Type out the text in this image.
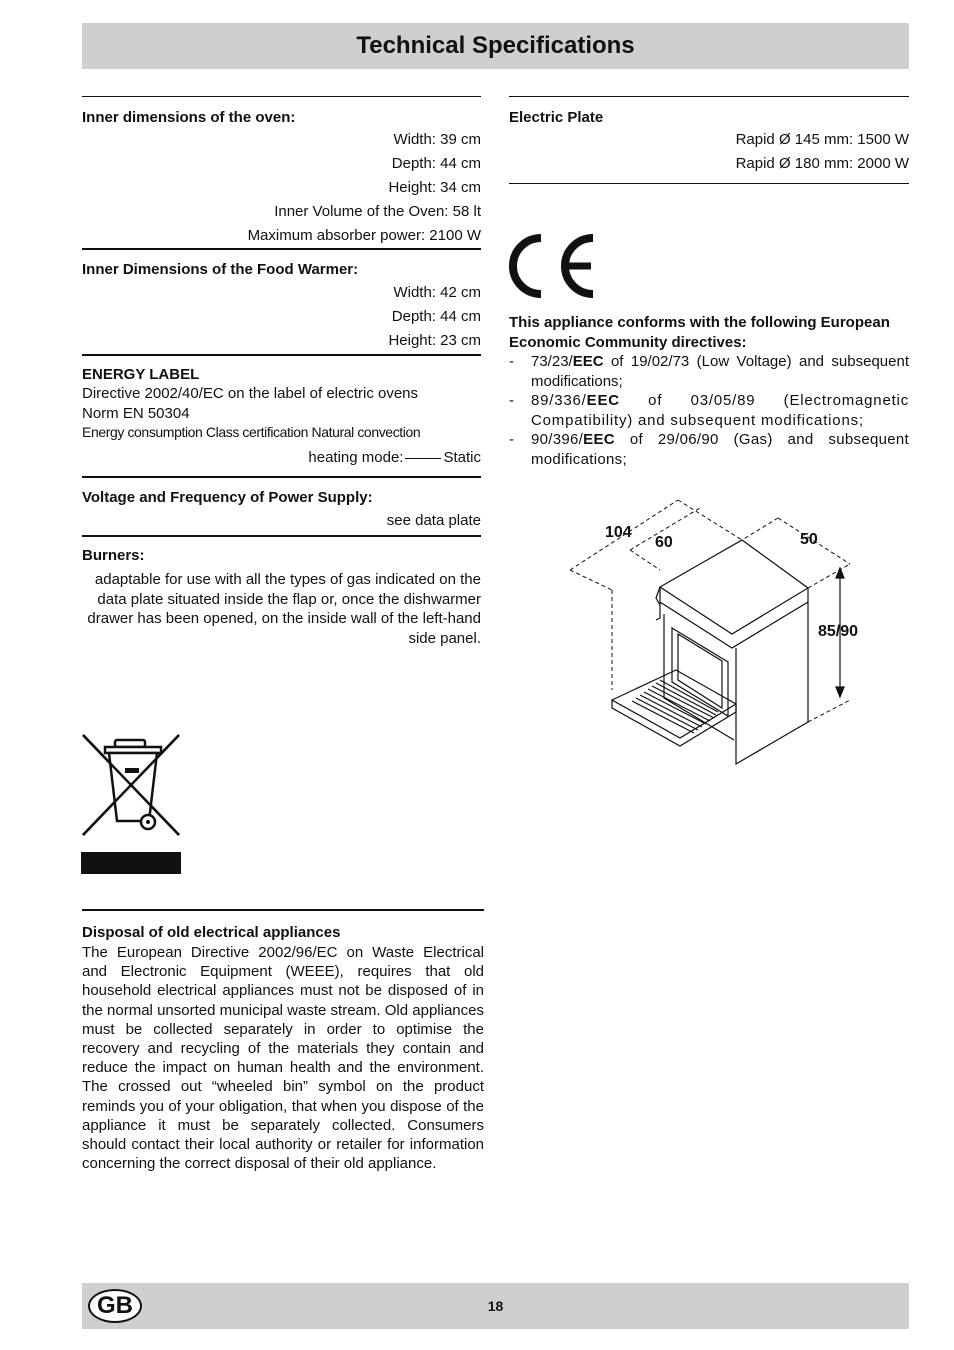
Technical Specifications
Inner dimensions of the oven:
Width: 39 cm
Depth: 44 cm
Height: 34 cm
Inner Volume of the Oven: 58 lt
Maximum absorber power: 2100 W
Inner Dimensions of the Food Warmer:
Width: 42 cm
Depth: 44 cm
Height: 23 cm
ENERGY LABEL
Directive 2002/40/EC on the label of electric ovens
Norm EN 50304
Energy consumption Class certification Natural convection
heating mode:	Static
Voltage and Frequency of Power Supply:
see data plate
Burners:
adaptable for use with all the types of gas indicated on the data plate situated inside the flap or, once the dishwarmer drawer has been opened, on the inside wall of the left-hand side panel.
Disposal of old electrical appliances
The European Directive 2002/96/EC on Waste Electrical and Electronic Equipment (WEEE), requires that old household electrical appliances must not be disposed of in the normal unsorted municipal waste stream. Old appliances must be collected separately in order to optimise the recovery and recycling of the materials they contain and reduce the impact on human health and the environment. The crossed out “wheeled bin” symbol on the product reminds you of your obligation, that when you dispose of the appliance it must be separately collected. Consumers should contact their local authority or retailer for information concerning the correct disposal of their old appliance.
Electric Plate
Rapid Ø 145 mm: 1500 W
Rapid Ø 180 mm: 2000 W
This appliance conforms with the following European Economic Community directives:
- 73/23/EEC of 19/02/73 (Low Voltage) and subsequent modifications;
- 89/336/EEC of 03/05/89 (Electromagnetic Compatibility) and subsequent modifications;
- 90/396/EEC of 29/06/90 (Gas) and subsequent modifications;
104
60	50
85/90
18
GB
